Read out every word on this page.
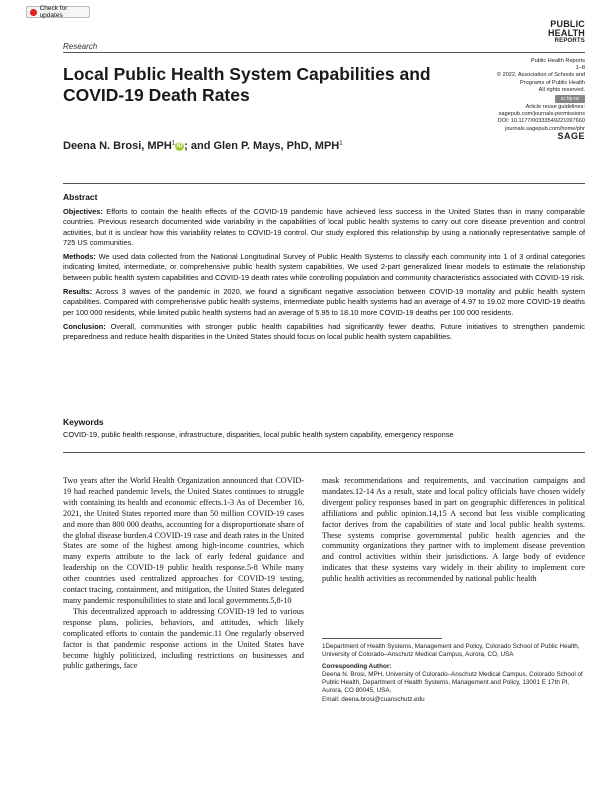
Check for updates
Research
PUBLIC
HEALTH
REPORTS
Local Public Health System Capabilities and COVID-19 Death Rates
Deena N. Brosi, MPH$^1$ iD ; and Glen P. Mays, PhD, MPH$^1$
Public Health Reports
1–8
© 2022, Association of Schools and
Programs of Public Health
All rights reserved.
cc by-nc
Article reuse guidelines:
sagepub.com/journals-permissions
DOI: 10.1177/00333549221097660
journals.sagepub.com/home/phr
SAGE
Abstract

Objectives: Efforts to contain the health effects of the COVID-19 pandemic have achieved less success in the United States than in many comparable countries. Previous research documented wide variability in the capabilities of local public health systems to carry out core disease prevention and control activities, but it is unclear how this variability relates to COVID-19 control. Our study explored this relationship by using a nationally representative sample of 725 US communities.

Methods: We used data collected from the National Longitudinal Survey of Public Health Systems to classify each community into 1 of 3 ordinal categories indicating limited, intermediate, or comprehensive public health system capabilities. We used 2-part generalized linear models to estimate the relationship between public health system capabilities and COVID-19 death rates while controlling population and community characteristics associated with COVID-19 risk.

Results: Across 3 waves of the pandemic in 2020, we found a significant negative association between COVID-19 mortality and public health system capabilities. Compared with comprehensive public health systems, intermediate public health systems had an average of 4.97 to 19.02 more COVID-19 deaths per 100 000 residents, while limited public health systems had an average of 5.95 to 18.10 more COVID-19 deaths per 100 000 residents.

Conclusion: Overall, communities with stronger public health capabilities had significantly fewer deaths. Future initiatives to strengthen pandemic preparedness and reduce health disparities in the United States should focus on local public health system capabilities.

Keywords
COVID-19, public health response, infrastructure, disparities, local public health system capability, emergency response

Two years after the World Health Organization announced that COVID-19 had reached pandemic levels, the United States continues to struggle with containing its health and economic effects.1-3 As of December 16, 2021, the United States reported more than 50 million COVID-19 cases and more than 800 000 deaths, accounting for a disproportionate share of the global disease burden.4 COVID-19 case and death rates in the United States are some of the highest among high-income countries, which many experts attribute to the lack of early federal guidance and leadership on the COVID-19 public health response.5-8 While many other countries used centralized approaches for COVID-19 testing, contact tracing, containment, and mitigation, the United States delegated many pandemic responsibilities to state and local governments.5,8-10

This decentralized approach to addressing COVID-19 led to various response plans, policies, behaviors, and attitudes, which likely complicated efforts to contain the pandemic.11 One regularly observed factor is that pandemic response actions in the United States have become highly politicized, including restrictions on businesses and public gatherings, face

mask recommendations and requirements, and vaccination campaigns and mandates.12-14 As a result, state and local policy officials have chosen widely divergent policy responses based in part on geographic differences in political affiliations and public opinion.14,15 A second but less visible complicating factor derives from the capabilities of state and local public health systems. These systems comprise governmental public health agencies and the community organizations they partner with to implement disease prevention and control activities within their jurisdictions. A large body of evidence indicates that these systems vary widely in their ability to implement core public health activities as recommended by national public health

1Department of Health Systems, Management and Policy, Colorado School of Public Health, University of Colorado–Anschutz Medical Campus, Aurora, CO, USA

Corresponding Author:

Deena N. Brosi, MPH, University of Colorado–Anschutz Medical Campus, Colorado School of Public Health, Department of Health Systems, Management and Policy, 13001 E 17th Pl, Aurora, CO 80045, USA.

Email: deena.brosi@cuanschutz.edu
